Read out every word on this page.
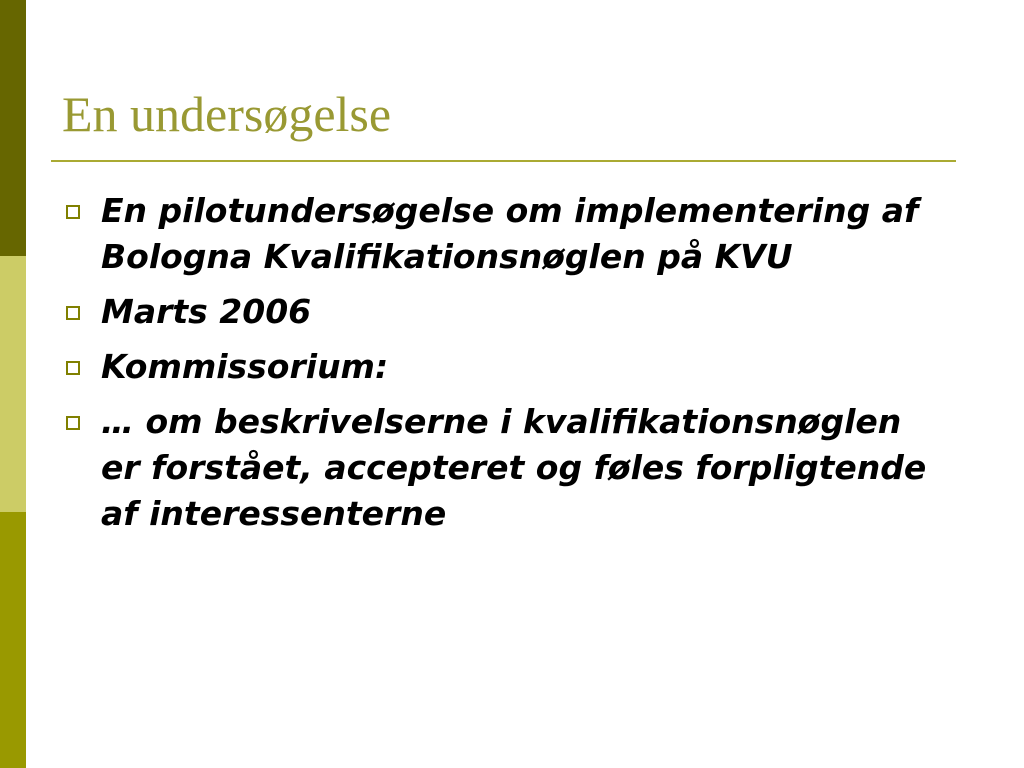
En undersøgelse
En pilotundersøgelse om implementering af Bologna Kvalifikationsnøglen på KVU
Marts 2006
Kommissorium:
… om beskrivelserne i kvalifikationsnøglen er forstået, accepteret og føles forpligtende af interessenterne
